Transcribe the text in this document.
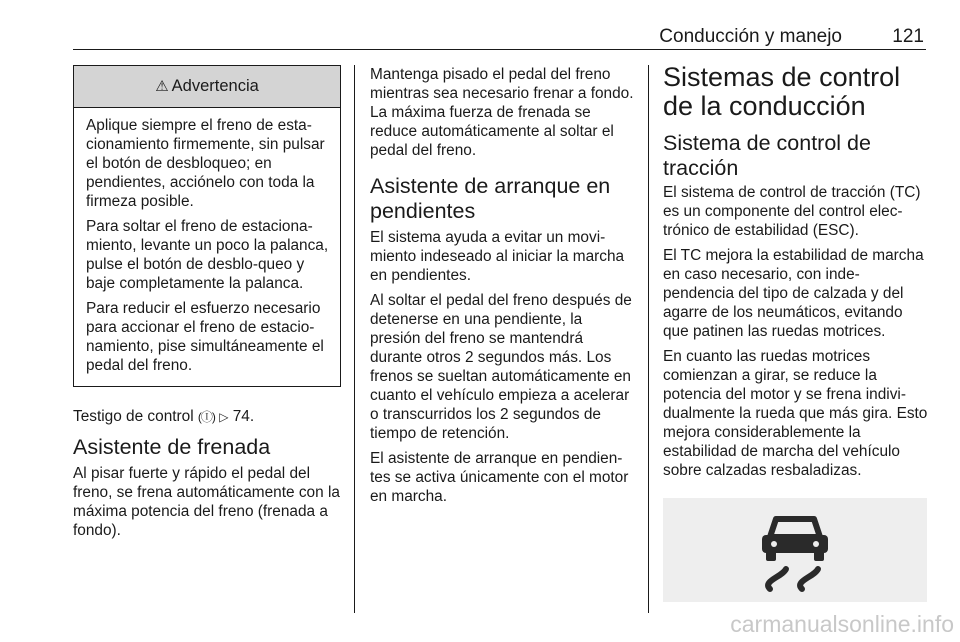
Conducción y manejo	121
⚠ Advertencia

Aplique siempre el freno de esta-cionamiento firmemente, sin pulsar el botón de desbloqueo; en pendientes, acciónelo con toda la firmeza posible.

Para soltar el freno de estaciona-miento, levante un poco la palanca, pulse el botón de desblo-queo y baje completamente la palanca.

Para reducir el esfuerzo necesario para accionar el freno de estacio-namiento, pise simultáneamente el pedal del freno.

Testigo de control (Ⓘ) ▷ 74.

Asistente de frenada

Al pisar fuerte y rápido el pedal del freno, se frena automáticamente con la máxima potencia del freno (frenada a fondo).

Mantenga pisado el pedal del freno mientras sea necesario frenar a fondo. La máxima fuerza de frenada se reduce automáticamente al soltar el pedal del freno.

Asistente de arranque en pendientes

El sistema ayuda a evitar un movi-miento indeseado al iniciar la marcha en pendientes.

Al soltar el pedal del freno después de detenerse en una pendiente, la presión del freno se mantendrá durante otros 2 segundos más. Los frenos se sueltan automáticamente en cuanto el vehículo empieza a acelerar o transcurridos los 2 segundos de tiempo de retención.

El asistente de arranque en pendien-tes se activa únicamente con el motor en marcha.

Sistemas de control de la conducción
Sistema de control de tracción

El sistema de control de tracción (TC) es un componente del control elec-trónico de estabilidad (ESC).

El TC mejora la estabilidad de marcha en caso necesario, con inde-pendencia del tipo de calzada y del agarre de los neumáticos, evitando que patinen las ruedas motrices.

En cuanto las ruedas motrices comienzan a girar, se reduce la potencia del motor y se frena indivi-dualmente la rueda que más gira. Esto mejora considerablemente la estabilidad de marcha del vehículo sobre calzadas resbaladizas.

carmanualsonline.info
